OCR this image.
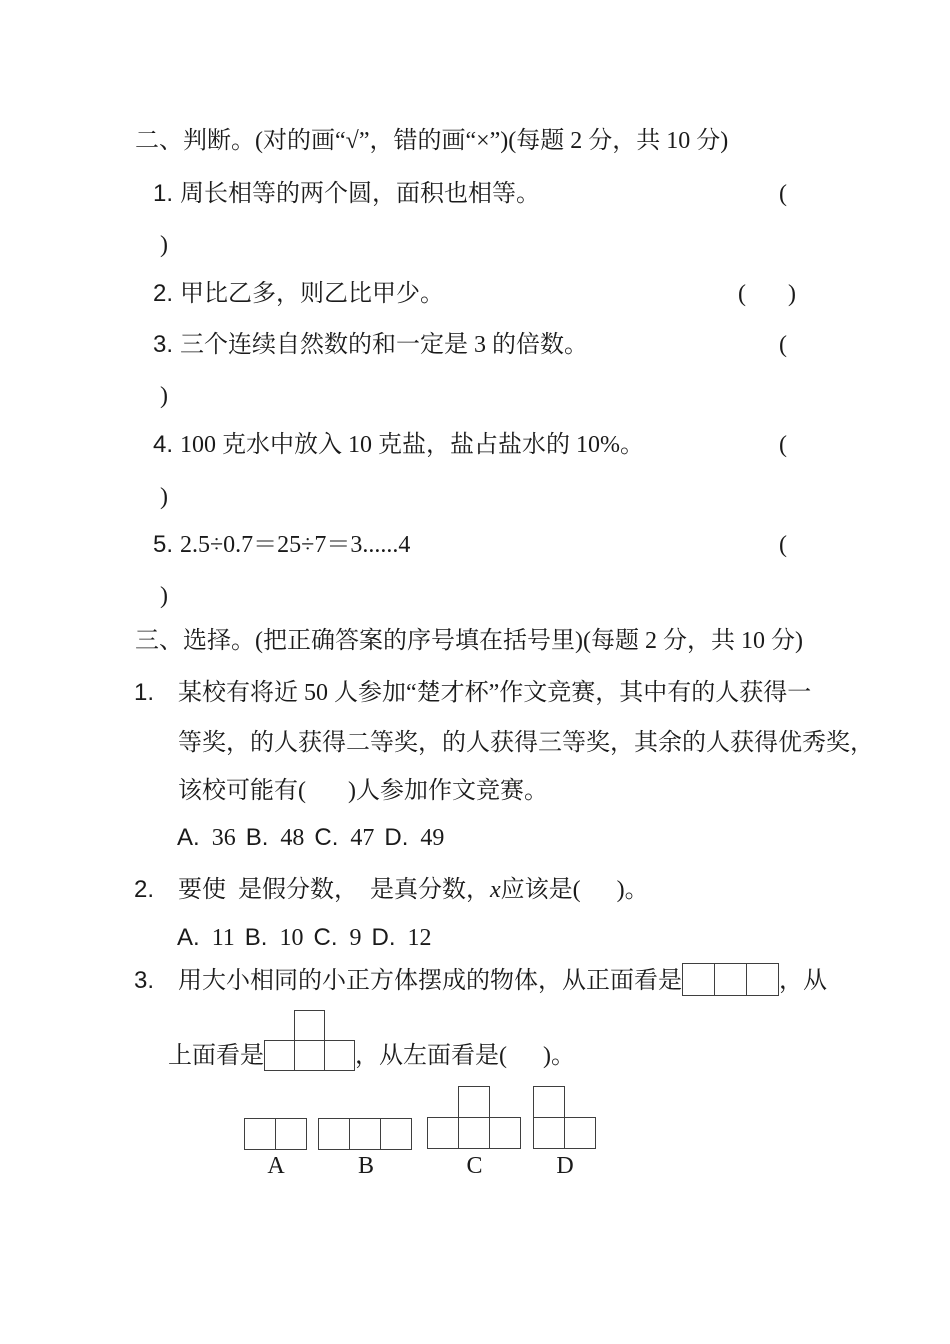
二、判断。(对的画“√”，错的画“×”)(每题 2 分，共 10 分)
1. 周长相等的两个圆，面积也相等。	(
)
2. 甲比乙多，则乙比甲少。	(       )
3. 三个连续自然数的和一定是 3 的倍数。	(
)
4. 100 克水中放入 10 克盐，盐占盐水的 10%。	(
)
5. 2.5÷0.7＝25÷7＝3......4	(
)
三、选择。(把正确答案的序号填在括号里)(每题 2 分，共 10 分)
1. 某校有将近 50 人参加“楚才杯”作文竞赛，其中有的人获得一
等奖，的人获得二等奖，的人获得三等奖，其余的人获得优秀奖，
该校可能有(       )人参加作文竞赛。
A. 36 B. 48 C. 47 D. 49
2. 要使  是假分数，  是真分数，x应该是(      )。
A. 11 B. 10 C. 9 D. 12
3. 用大小相同的小正方体摆成的物体，从正面看是	，从
上面看是	，从左面看是(      )。
A	B	C	D
